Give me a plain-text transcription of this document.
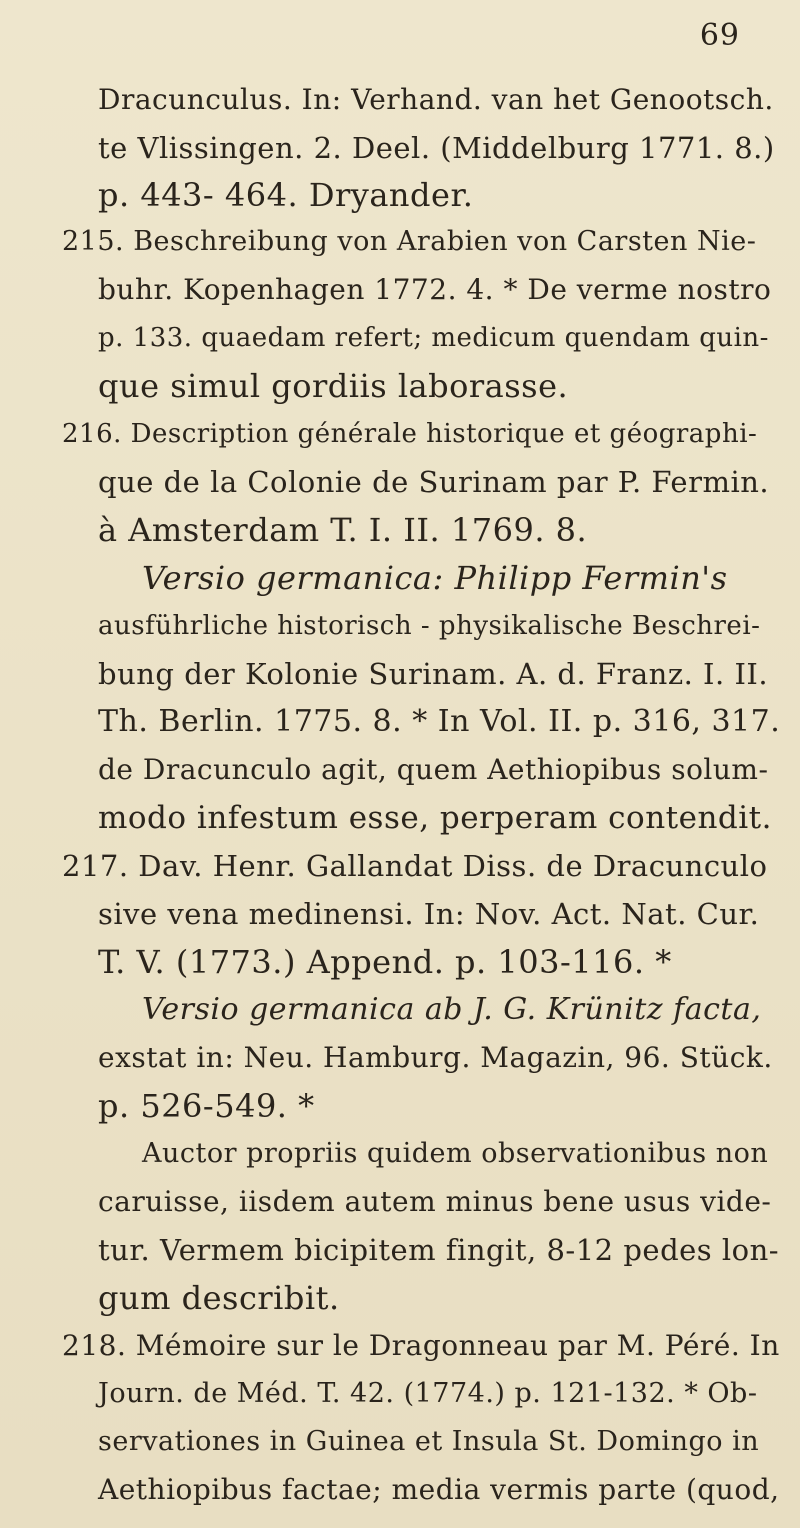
69
Dracunculus. In: Verhand. van het Genootsch.
te Vlissingen. 2. Deel. (Middelburg 1771. 8.)
p. 443- 464. Dryander.
215. Beschreibung von Arabien von Carsten Nie-
buhr. Kopenhagen 1772. 4. * De verme nostro
p. 133. quaedam refert; medicum quendam quin-
que simul gordiis laborasse.
216. Description générale historique et géographi-
que de la Colonie de Surinam par P. Fermin.
à Amsterdam T. I. II. 1769. 8.
Versio germanica: Philipp Fermin's
ausführliche historisch - physikalische Beschrei-
bung der Kolonie Surinam. A. d. Franz. I. II.
Th. Berlin. 1775. 8. * In Vol. II. p. 316, 317.
de Dracunculo agit, quem Aethiopibus solum-
modo infestum esse, perperam contendit.
217. Dav. Henr. Gallandat Diss. de Dracunculo
sive vena medinensi. In: Nov. Act. Nat. Cur.
T. V. (1773.) Append. p. 103-116. *
Versio germanica ab J. G. Krünitz facta,
exstat in: Neu. Hamburg. Magazin, 96. Stück.
p. 526-549. *
Auctor propriis quidem observationibus non
caruisse, iisdem autem minus bene usus vide-
tur. Vermem bicipitem fingit, 8-12 pedes lon-
gum describit.
218. Mémoire sur le Dragonneau par M. Péré. In
Journ. de Méd. T. 42. (1774.) p. 121-132. * Ob-
servationes in Guinea et Insula St. Domingo in
Aethiopibus factae; media vermis parte (quod,
